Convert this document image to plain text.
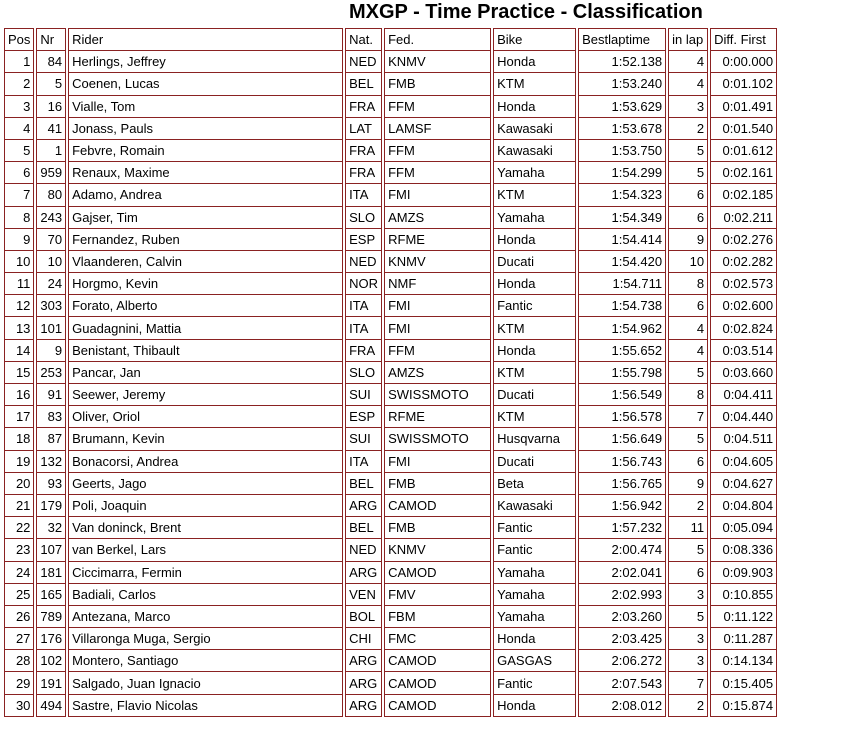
MXGP - Time Practice - Classification
Pos	Nr	Rider	Nat.	Fed.	Bike	Bestlaptime	in lap	Diff. First
1	84	Herlings, Jeffrey	NED	KNMV	Honda	1:52.138	4	0:00.000
2	5	Coenen, Lucas	BEL	FMB	KTM	1:53.240	4	0:01.102
3	16	Vialle, Tom	FRA	FFM	Honda	1:53.629	3	0:01.491
4	41	Jonass, Pauls	LAT	LAMSF	Kawasaki	1:53.678	2	0:01.540
5	1	Febvre, Romain	FRA	FFM	Kawasaki	1:53.750	5	0:01.612
6	959	Renaux, Maxime	FRA	FFM	Yamaha	1:54.299	5	0:02.161
7	80	Adamo, Andrea	ITA	FMI	KTM	1:54.323	6	0:02.185
8	243	Gajser, Tim	SLO	AMZS	Yamaha	1:54.349	6	0:02.211
9	70	Fernandez, Ruben	ESP	RFME	Honda	1:54.414	9	0:02.276
10	10	Vlaanderen, Calvin	NED	KNMV	Ducati	1:54.420	10	0:02.282
11	24	Horgmo, Kevin	NOR	NMF	Honda	1:54.711	8	0:02.573
12	303	Forato, Alberto	ITA	FMI	Fantic	1:54.738	6	0:02.600
13	101	Guadagnini, Mattia	ITA	FMI	KTM	1:54.962	4	0:02.824
14	9	Benistant, Thibault	FRA	FFM	Honda	1:55.652	4	0:03.514
15	253	Pancar, Jan	SLO	AMZS	KTM	1:55.798	5	0:03.660
16	91	Seewer, Jeremy	SUI	SWISSMOTO	Ducati	1:56.549	8	0:04.411
17	83	Oliver, Oriol	ESP	RFME	KTM	1:56.578	7	0:04.440
18	87	Brumann, Kevin	SUI	SWISSMOTO	Husqvarna	1:56.649	5	0:04.511
19	132	Bonacorsi, Andrea	ITA	FMI	Ducati	1:56.743	6	0:04.605
20	93	Geerts, Jago	BEL	FMB	Beta	1:56.765	9	0:04.627
21	179	Poli, Joaquin	ARG	CAMOD	Kawasaki	1:56.942	2	0:04.804
22	32	Van doninck, Brent	BEL	FMB	Fantic	1:57.232	11	0:05.094
23	107	van Berkel, Lars	NED	KNMV	Fantic	2:00.474	5	0:08.336
24	181	Ciccimarra, Fermin	ARG	CAMOD	Yamaha	2:02.041	6	0:09.903
25	165	Badiali, Carlos	VEN	FMV	Yamaha	2:02.993	3	0:10.855
26	789	Antezana, Marco	BOL	FBM	Yamaha	2:03.260	5	0:11.122
27	176	Villaronga Muga, Sergio	CHI	FMC	Honda	2:03.425	3	0:11.287
28	102	Montero, Santiago	ARG	CAMOD	GASGAS	2:06.272	3	0:14.134
29	191	Salgado, Juan Ignacio	ARG	CAMOD	Fantic	2:07.543	7	0:15.405
30	494	Sastre, Flavio Nicolas	ARG	CAMOD	Honda	2:08.012	2	0:15.874
